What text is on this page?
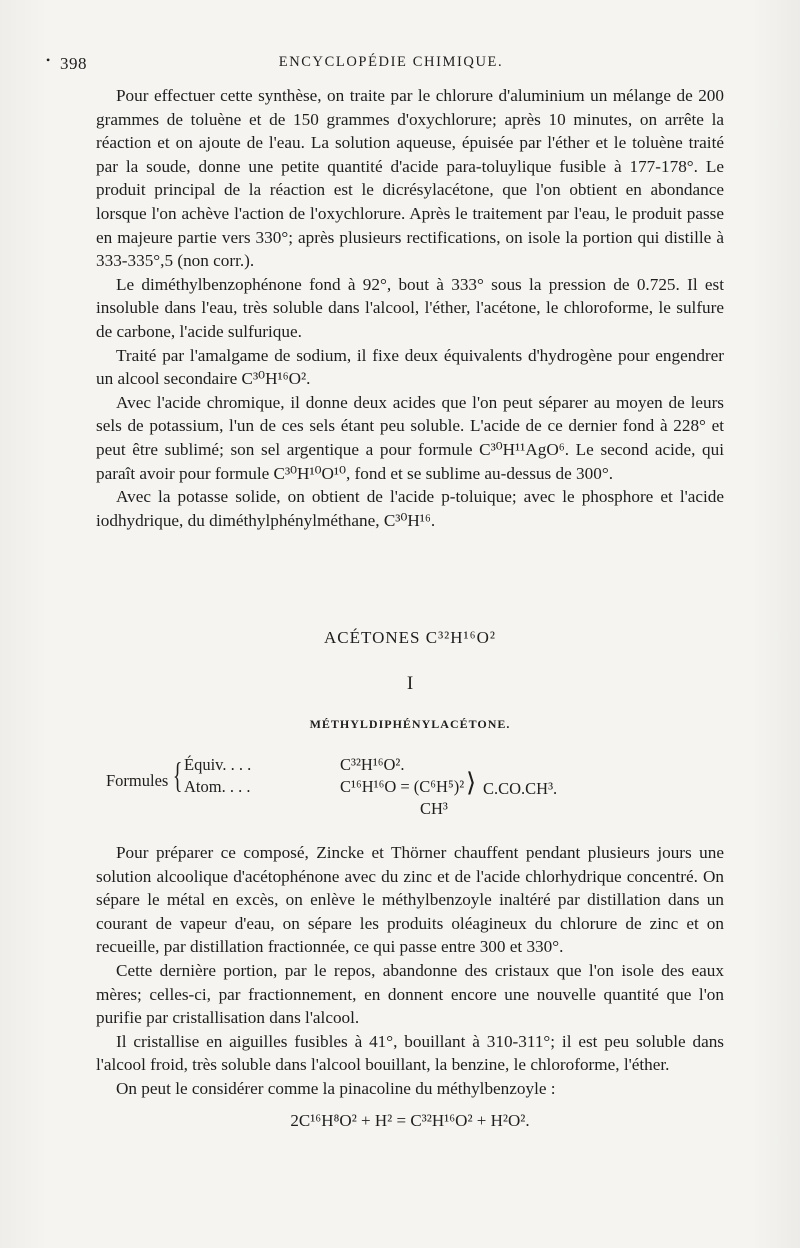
• 398	ENCYCLOPÉDIE CHIMIQUE.

Pour effectuer cette synthèse, on traite par le chlorure d'aluminium un mélange de 200 grammes de toluène et de 150 grammes d'oxychlorure; après 10 minutes, on arrête la réaction et on ajoute de l'eau. La solution aqueuse, épuisée par l'éther et le toluène traité par la soude, donne une petite quantité d'acide para-toluylique fusible à 177-178°. Le produit principal de la réaction est le dicrésylacétone, que l'on obtient en abondance lorsque l'on achève l'action de l'oxychlorure. Après le traitement par l'eau, le produit passe en majeure partie vers 330°; après plusieurs rectifications, on isole la portion qui distille à 333-335°,5 (non corr.).

Le diméthylbenzophénone fond à 92°, bout à 333° sous la pression de 0.725. Il est insoluble dans l'eau, très soluble dans l'alcool, l'éther, l'acétone, le chloroforme, le sulfure de carbone, l'acide sulfurique.

Traité par l'amalgame de sodium, il fixe deux équivalents d'hydrogène pour engendrer un alcool secondaire C³⁰H¹⁶O².

Avec l'acide chromique, il donne deux acides que l'on peut séparer au moyen de leurs sels de potassium, l'un de ces sels étant peu soluble. L'acide de ce dernier fond à 228° et peut être sublimé; son sel argentique a pour formule C³⁰H¹¹AgO⁶. Le second acide, qui paraît avoir pour formule C³⁰H¹⁰O¹⁰, fond et se sublime au-dessus de 300°.

Avec la potasse solide, on obtient de l'acide p-toluique; avec le phosphore et l'acide iodhydrique, du diméthylphénylméthane, C³⁰H¹⁶.

ACÉTONES C³²H¹⁶O²
I
MÉTHYLDIPHÉNYLACÉTONE.
Formules { Équiv. . . .	C³²H¹⁶O².
Atom. . . .	C¹⁶H¹⁶O = (C⁶H⁵)² ⟩ C.CO.CH³.
CH³

Pour préparer ce composé, Zincke et Thörner chauffent pendant plusieurs jours une solution alcoolique d'acétophénone avec du zinc et de l'acide chlorhydrique concentré. On sépare le métal en excès, on enlève le méthylbenzoyle inaltéré par distillation dans un courant de vapeur d'eau, on sépare les produits oléagineux du chlorure de zinc et on recueille, par distillation fractionnée, ce qui passe entre 300 et 330°.

Cette dernière portion, par le repos, abandonne des cristaux que l'on isole des eaux mères; celles-ci, par fractionnement, en donnent encore une nouvelle quantité que l'on purifie par cristallisation dans l'alcool.

Il cristallise en aiguilles fusibles à 41°, bouillant à 310-311°; il est peu soluble dans l'alcool froid, très soluble dans l'alcool bouillant, la benzine, le chloroforme, l'éther.

On peut le considérer comme la pinacoline du méthylbenzoyle :

2C¹⁶H⁸O² + H² = C³²H¹⁶O² + H²O².
